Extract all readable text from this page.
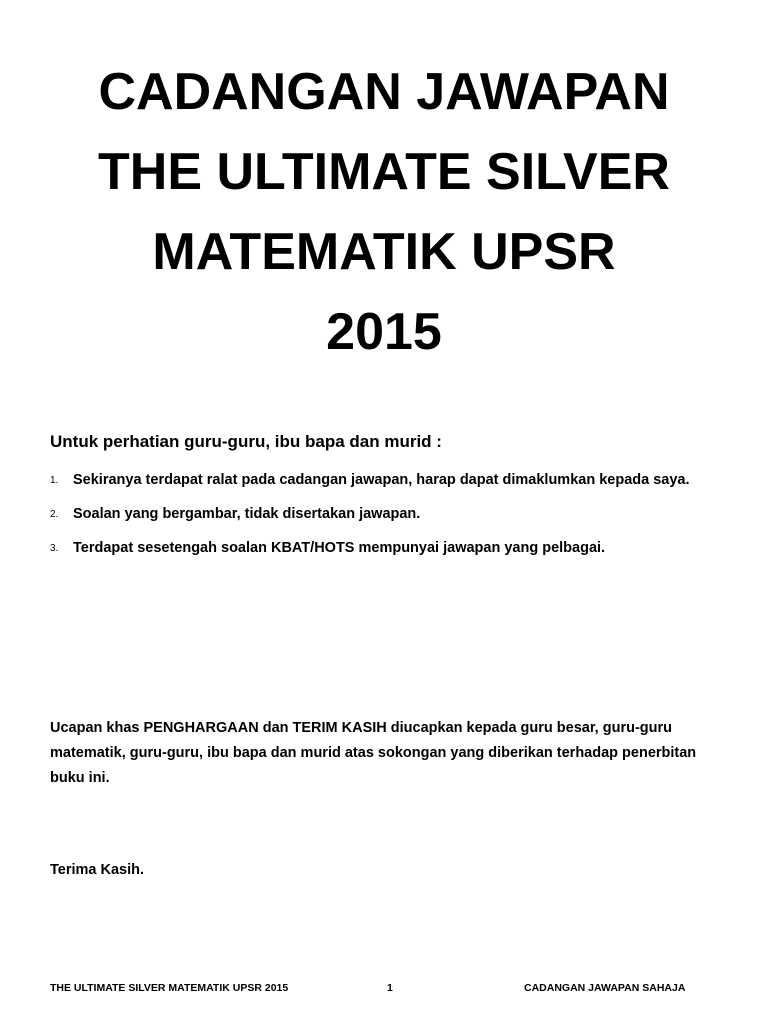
CADANGAN JAWAPAN
THE ULTIMATE SILVER
MATEMATIK UPSR
2015
Untuk perhatian guru-guru, ibu bapa dan murid :
1. Sekiranya terdapat ralat pada cadangan jawapan, harap dapat dimaklumkan kepada saya.
2. Soalan yang bergambar, tidak disertakan jawapan.
3. Terdapat sesetengah soalan KBAT/HOTS mempunyai jawapan yang pelbagai.

Ucapan khas PENGHARGAAN dan TERIM KASIH diucapkan kepada guru besar, guru-guru matematik, guru-guru, ibu bapa dan murid atas sokongan yang diberikan terhadap penerbitan buku ini.

Terima Kasih.
THE ULTIMATE SILVER MATEMATIK UPSR 2015	1	CADANGAN JAWAPAN SAHAJA
